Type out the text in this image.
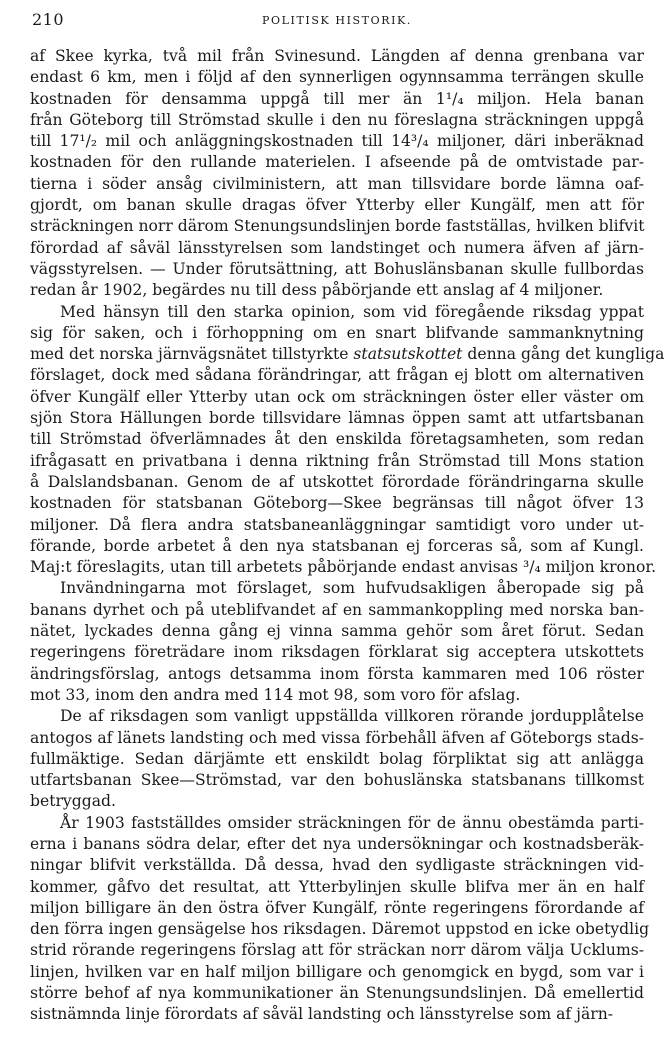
210	POLITISK HISTORIK.

af Skee kyrka, två mil från Svinesund. Längden af denna grenbana var
endast 6 km, men i följd af den synnerligen ogynnsamma terrängen skulle
kostnaden för densamma uppgå till mer än 1¹/₄ miljon. Hela banan
från Göteborg till Strömstad skulle i den nu föreslagna sträckningen uppgå
till 17¹/₂ mil och anläggningskostnaden till 14³/₄ miljoner, däri inberäknad
kostnaden för den rullande materielen. I afseende på de omtvistade par-
tierna i söder ansåg civilministern, att man tillsvidare borde lämna oaf-
gjordt, om banan skulle dragas öfver Ytterby eller Kungälf, men att för
sträckningen norr därom Stenungsundslinjen borde fastställas, hvilken blifvit
förordad af såväl länsstyrelsen som landstinget och numera äfven af järn-
vägsstyrelsen. — Under förutsättning, att Bohuslänsbanan skulle fullbordas
redan år 1902, begärdes nu till dess påbörjande ett anslag af 4 miljoner.

Med hänsyn till den starka opinion, som vid föregående riksdag yppat
sig för saken, och i förhoppning om en snart blifvande sammanknytning
med det norska järnvägsnätet tillstyrkte statsutskottet denna gång det kungliga
förslaget, dock med sådana förändringar, att frågan ej blott om alternativen
öfver Kungälf eller Ytterby utan ock om sträckningen öster eller väster om
sjön Stora Hällungen borde tillsvidare lämnas öppen samt att utfartsbanan
till Strömstad öfverlämnades åt den enskilda företagsamheten, som redan
ifrågasatt en privatbana i denna riktning från Strömstad till Mons station
å Dalslandsbanan. Genom de af utskottet förordade förändringarna skulle
kostnaden för statsbanan Göteborg—Skee begränsas till något öfver 13
miljoner. Då flera andra statsbaneanläggningar samtidigt voro under ut-
förande, borde arbetet å den nya statsbanan ej forceras så, som af Kungl.
Maj:t föreslagits, utan till arbetets påbörjande endast anvisas ³/₄ miljon kronor.

Invändningarna mot förslaget, som hufvudsakligen åberopade sig på
banans dyrhet och på uteblifvandet af en sammankoppling med norska ban-
nätet, lyckades denna gång ej vinna samma gehör som året förut. Sedan
regeringens företrädare inom riksdagen förklarat sig acceptera utskottets
ändringsförslag, antogs detsamma inom första kammaren med 106 röster
mot 33, inom den andra med 114 mot 98, som voro för afslag.

De af riksdagen som vanligt uppställda villkoren rörande jordupplåtelse
antogos af länets landsting och med vissa förbehåll äfven af Göteborgs stads-
fullmäktige. Sedan därjämte ett enskildt bolag förpliktat sig att anlägga
utfartsbanan Skee—Strömstad, var den bohuslänska statsbanans tillkomst
betryggad.

År 1903 fastställdes omsider sträckningen för de ännu obestämda parti-
erna i banans södra delar, efter det nya undersökningar och kostnadsberäk-
ningar blifvit verkställda. Då dessa, hvad den sydligaste sträckningen vid-
kommer, gåfvo det resultat, att Ytterbylinjen skulle blifva mer än en half
miljon billigare än den östra öfver Kungälf, rönte regeringens förordande af
den förra ingen gensägelse hos riksdagen. Däremot uppstod en icke obetydlig
strid rörande regeringens förslag att för sträckan norr därom välja Ucklums-
linjen, hvilken var en half miljon billigare och genomgick en bygd, som var i
större behof af nya kommunikationer än Stenungsundslinjen. Då emellertid
sistnämnda linje förordats af såväl landsting och länsstyrelse som af järn-
